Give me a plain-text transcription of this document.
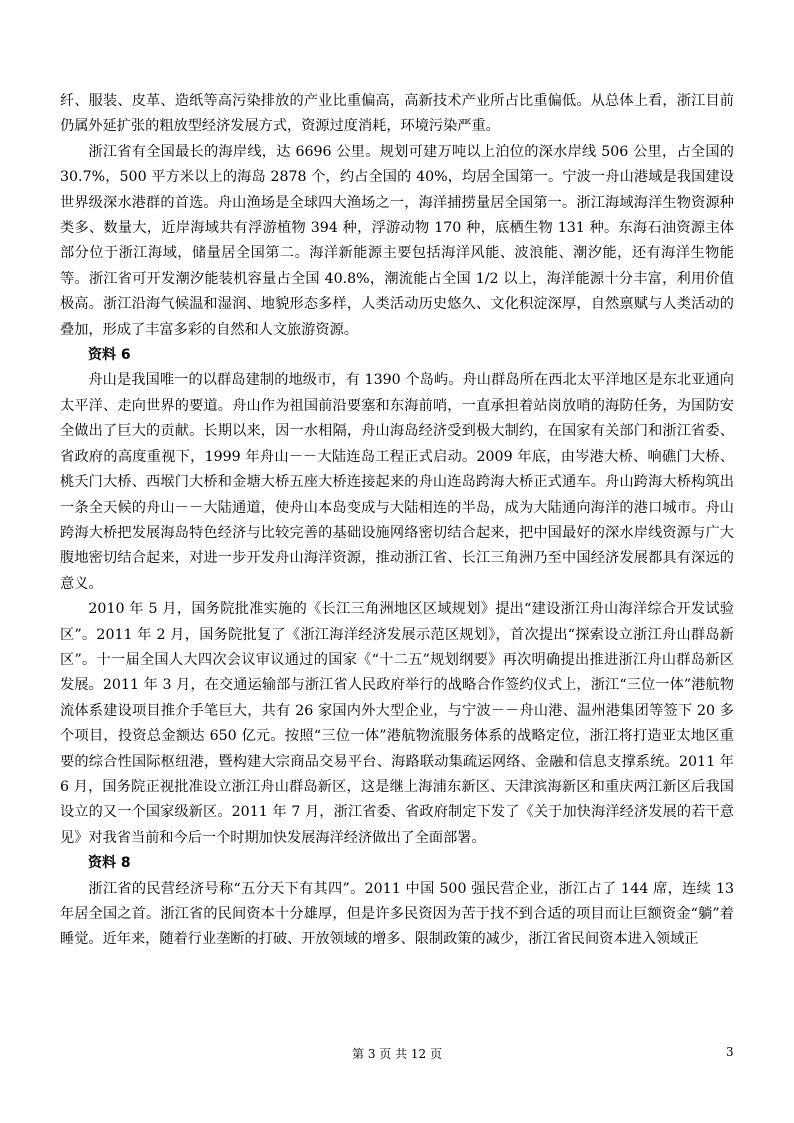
纤、服装、皮革、造纸等高污染排放的产业比重偏高，高新技术产业所占比重偏低。从总体上看，浙江目前仍属外延扩张的粗放型经济发展方式，资源过度消耗，环境污染严重。

浙江省有全国最长的海岸线，达 6696 公里。规划可建万吨以上泊位的深水岸线 506 公里，占全国的 30.7%，500 平方米以上的海岛 2878 个，约占全国的 40%，均居全国第一。宁波一舟山港域是我国建设世界级深水港群的首选。舟山渔场是全球四大渔场之一，海洋捕捞量居全国第一。浙江海域海洋生物资源种类多、数量大，近岸海域共有浮游植物 394 种，浮游动物 170 种，底栖生物 131 种。东海石油资源主体部分位于浙江海域，储量居全国第二。海洋新能源主要包括海洋风能、波浪能、潮汐能，还有海洋生物能等。浙江省可开发潮汐能装机容量占全国 40.8%，潮流能占全国 1/2 以上，海洋能源十分丰富，利用价值极高。浙江沿海气候温和湿润、地貌形态多样，人类活动历史悠久、文化积淀深厚，自然禀赋与人类活动的叠加，形成了丰富多彩的自然和人文旅游资源。

资料 6

舟山是我国唯一的以群岛建制的地级市，有 1390 个岛屿。舟山群岛所在西北太平洋地区是东北亚通向太平洋、走向世界的要道。舟山作为祖国前沿要塞和东海前哨，一直承担着站岗放哨的海防任务，为国防安全做出了巨大的贡献。长期以来，因一水相隔，舟山海岛经济受到极大制约，在国家有关部门和浙江省委、省政府的高度重视下，1999 年舟山－－大陆连岛工程正式启动。2009 年底，由岑港大桥、响礁门大桥、桃夭门大桥、西堠门大桥和金塘大桥五座大桥连接起来的舟山连岛跨海大桥正式通车。舟山跨海大桥构筑出一条全天候的舟山－－大陆通道，使舟山本岛变成与大陆相连的半岛，成为大陆通向海洋的港口城市。舟山跨海大桥把发展海岛特色经济与比较完善的基础设施网络密切结合起来，把中国最好的深水岸线资源与广大腹地密切结合起来，对进一步开发舟山海洋资源，推动浙江省、长江三角洲乃至中国经济发展都具有深远的意义。

2010 年 5 月，国务院批准实施的《长江三角洲地区区域规划》提出“建设浙江舟山海洋综合开发试验区”。2011 年 2 月，国务院批复了《浙江海洋经济发展示范区规划》，首次提出“探索设立浙江舟山群岛新区”。十一届全国人大四次会议审议通过的国家《“十二五”规划纲要》再次明确提出推进浙江舟山群岛新区发展。2011 年 3 月，在交通运输部与浙江省人民政府举行的战略合作签约仪式上，浙江“三位一体”港航物流体系建设项目推介手笔巨大，共有 26 家国内外大型企业，与宁波－－舟山港、温州港集团等签下 20 多个项目，投资总金额达 650 亿元。按照“三位一体”港航物流服务体系的战略定位，浙江将打造亚太地区重要的综合性国际枢纽港，暨构建大宗商品交易平台、海路联动集疏运网络、金融和信息支撑系统。2011 年 6 月，国务院正视批准设立浙江舟山群岛新区，这是继上海浦东新区、天津滨海新区和重庆两江新区后我国设立的又一个国家级新区。2011 年 7 月，浙江省委、省政府制定下发了《关于加快海洋经济发展的若干意见》对我省当前和今后一个时期加快发展海洋经济做出了全面部署。

资料 8

浙江省的民营经济号称“五分天下有其四”。2011 中国 500 强民营企业，浙江占了 144 席，连续 13 年居全国之首。浙江省的民间资本十分雄厚，但是许多民资因为苦于找不到合适的项目而让巨额资金“躺”着睡觉。近年来，随着行业垄断的打破、开放领域的增多、限制政策的减少，浙江省民间资本进入领域正

第 3 页 共 12 页	3
